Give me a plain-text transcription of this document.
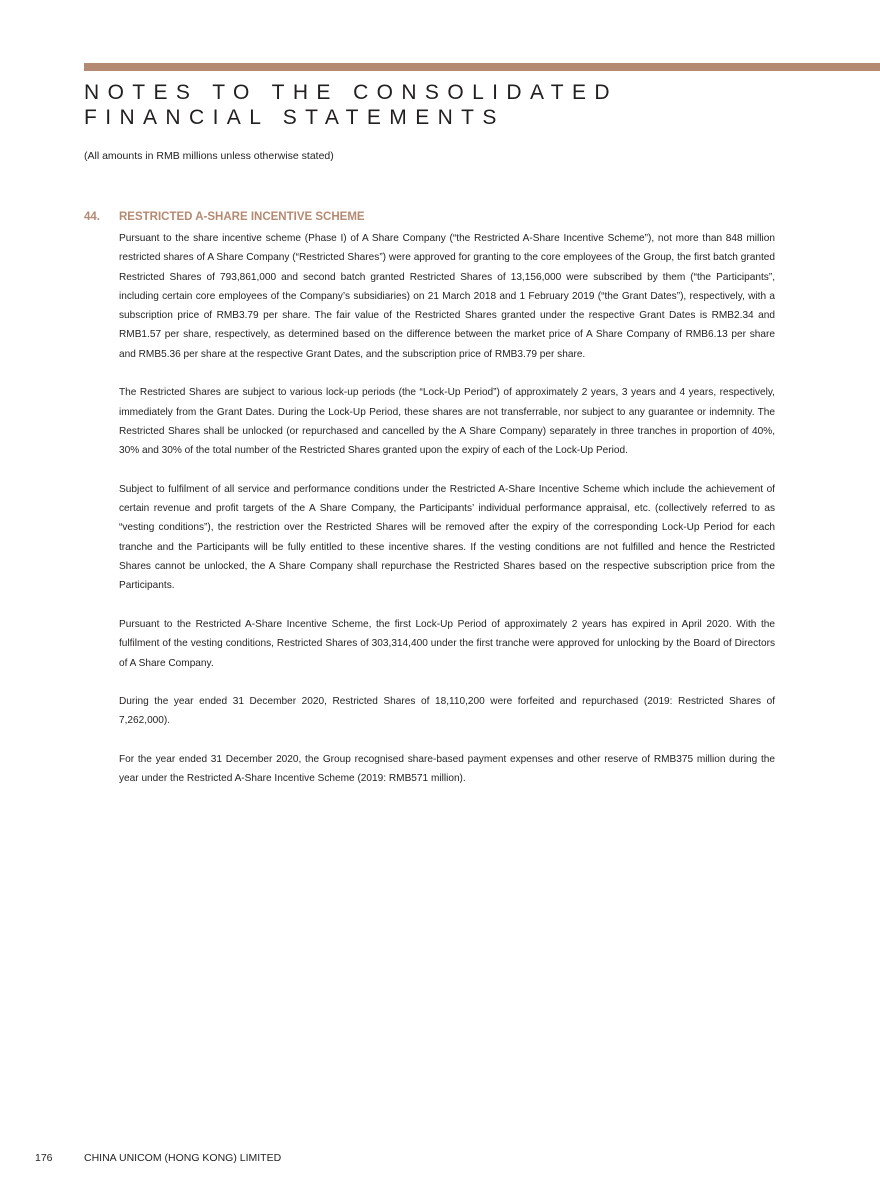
NOTES TO THE CONSOLIDATED
FINANCIAL STATEMENTS
(All amounts in RMB millions unless otherwise stated)
44. RESTRICTED A-SHARE INCENTIVE SCHEME

Pursuant to the share incentive scheme (Phase I) of A Share Company (“the Restricted A-Share Incentive Scheme”), not more than 848 million restricted shares of A Share Company (“Restricted Shares”) were approved for granting to the core employees of the Group, the first batch granted Restricted Shares of 793,861,000 and second batch granted Restricted Shares of 13,156,000 were subscribed by them (“the Participants”, including certain core employees of the Company’s subsidiaries) on 21 March 2018 and 1 February 2019 (“the Grant Dates”), respectively, with a subscription price of RMB3.79 per share. The fair value of the Restricted Shares granted under the respective Grant Dates is RMB2.34 and RMB1.57 per share, respectively, as determined based on the difference between the market price of A Share Company of RMB6.13 per share and RMB5.36 per share at the respective Grant Dates, and the subscription price of RMB3.79 per share.

The Restricted Shares are subject to various lock-up periods (the “Lock-Up Period”) of approximately 2 years, 3 years and 4 years, respectively, immediately from the Grant Dates. During the Lock-Up Period, these shares are not transferrable, nor subject to any guarantee or indemnity. The Restricted Shares shall be unlocked (or repurchased and cancelled by the A Share Company) separately in three tranches in proportion of 40%, 30% and 30% of the total number of the Restricted Shares granted upon the expiry of each of the Lock-Up Period.

Subject to fulfilment of all service and performance conditions under the Restricted A-Share Incentive Scheme which include the achievement of certain revenue and profit targets of the A Share Company, the Participants’ individual performance appraisal, etc. (collectively referred to as “vesting conditions”), the restriction over the Restricted Shares will be removed after the expiry of the corresponding Lock-Up Period for each tranche and the Participants will be fully entitled to these incentive shares. If the vesting conditions are not fulfilled and hence the Restricted Shares cannot be unlocked, the A Share Company shall repurchase the Restricted Shares based on the respective subscription price from the Participants.

Pursuant to the Restricted A-Share Incentive Scheme, the first Lock-Up Period of approximately 2 years has expired in April 2020. With the fulfilment of the vesting conditions, Restricted Shares of 303,314,400 under the first tranche were approved for unlocking by the Board of Directors of A Share Company.

During the year ended 31 December 2020, Restricted Shares of 18,110,200 were forfeited and repurchased (2019: Restricted Shares of 7,262,000).

For the year ended 31 December 2020, the Group recognised share-based payment expenses and other reserve of RMB375 million during the year under the Restricted A-Share Incentive Scheme (2019: RMB571 million).

176	CHINA UNICOM (HONG KONG) LIMITED
